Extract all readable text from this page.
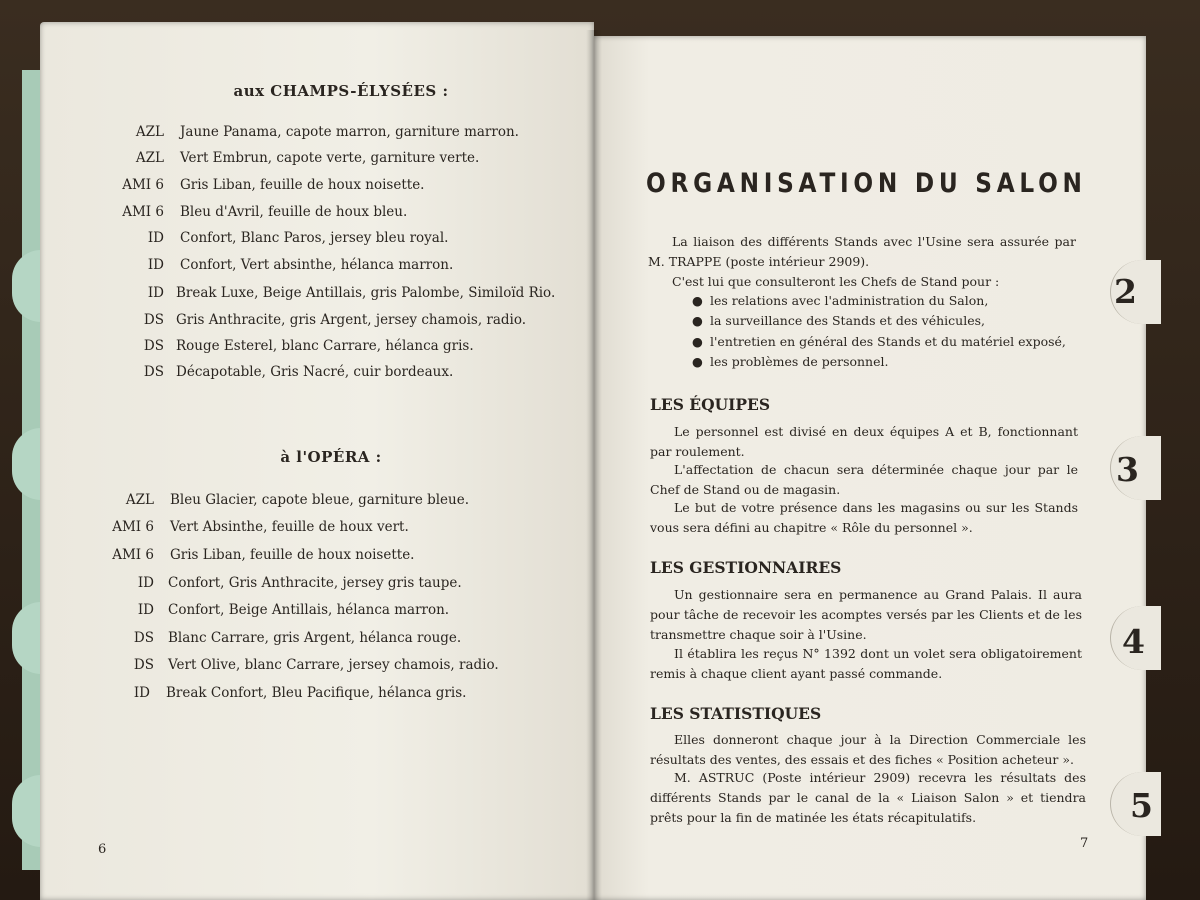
aux CHAMPS-ÉLYSÉES :
AZL Jaune Panama, capote marron, garniture marron.
AZL Vert Embrun, capote verte, garniture verte.
AMI 6 Gris Liban, feuille de houx noisette.
AMI 6 Bleu d'Avril, feuille de houx bleu.
ID Confort, Blanc Paros, jersey bleu royal.
ID Confort, Vert absinthe, hélanca marron.
ID Break Luxe, Beige Antillais, gris Palombe, Similoïd Rio.
DS Gris Anthracite, gris Argent, jersey chamois, radio.
DS Rouge Esterel, blanc Carrare, hélanca gris.
DS Décapotable, Gris Nacré, cuir bordeaux.
à l'OPÉRA :
AZL Bleu Glacier, capote bleue, garniture bleue.
AMI 6 Vert Absinthe, feuille de houx vert.
AMI 6 Gris Liban, feuille de houx noisette.
ID Confort, Gris Anthracite, jersey gris taupe.
ID Confort, Beige Antillais, hélanca marron.
DS Blanc Carrare, gris Argent, hélanca rouge.
DS Vert Olive, blanc Carrare, jersey chamois, radio.
ID Break Confort, Bleu Pacifique, hélanca gris.
6
2
3
4
5
ORGANISATION DU SALON

La liaison des différents Stands avec l'Usine sera assurée par M. TRAPPE (poste intérieur 2909).

C'est lui que consulteront les Chefs de Stand pour :

● les relations avec l'administration du Salon,
● la surveillance des Stands et des véhicules,
● l'entretien en général des Stands et du matériel exposé,
● les problèmes de personnel.
LES ÉQUIPES

Le personnel est divisé en deux équipes A et B, fonctionnant par roulement.

L'affectation de chacun sera déterminée chaque jour par le Chef de Stand ou de magasin.

Le but de votre présence dans les magasins ou sur les Stands vous sera défini au chapitre « Rôle du personnel ».

LES GESTIONNAIRES

Un gestionnaire sera en permanence au Grand Palais. Il aura pour tâche de recevoir les acomptes versés par les Clients et de les transmettre chaque soir à l'Usine.

Il établira les reçus N° 1392 dont un volet sera obligatoirement remis à chaque client ayant passé commande.

LES STATISTIQUES

Elles donneront chaque jour à la Direction Commerciale les résultats des ventes, des essais et des fiches « Position acheteur ».

M. ASTRUC (Poste intérieur 2909) recevra les résultats des différents Stands par le canal de la « Liaison Salon » et tiendra prêts pour la fin de matinée les états récapitulatifs.

7
